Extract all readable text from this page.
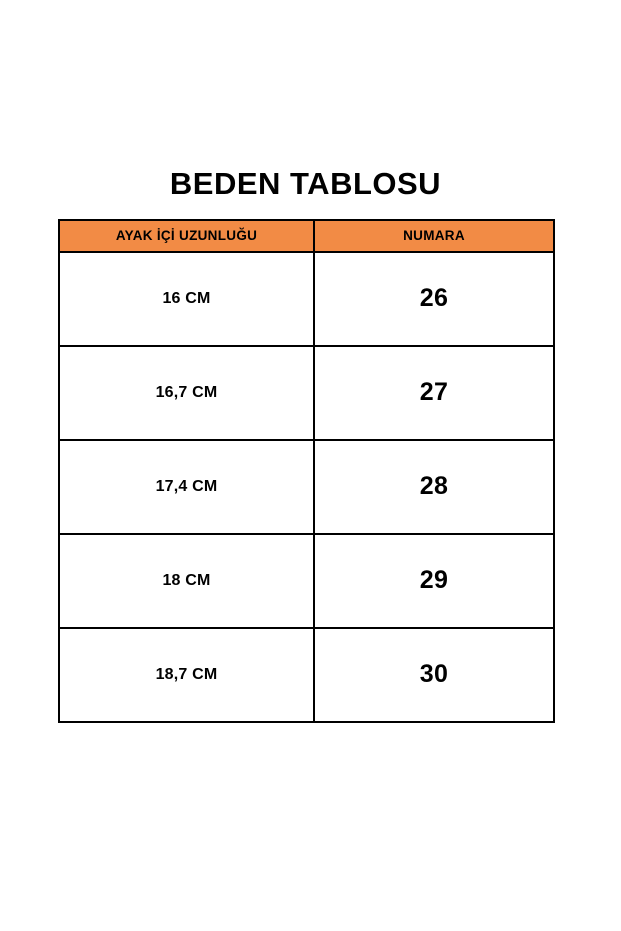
BEDEN TABLOSU
AYAK İÇİ UZUNLUĞU	NUMARA
16 CM	26
16,7 CM	27
17,4 CM	28
18 CM	29
18,7 CM	30
